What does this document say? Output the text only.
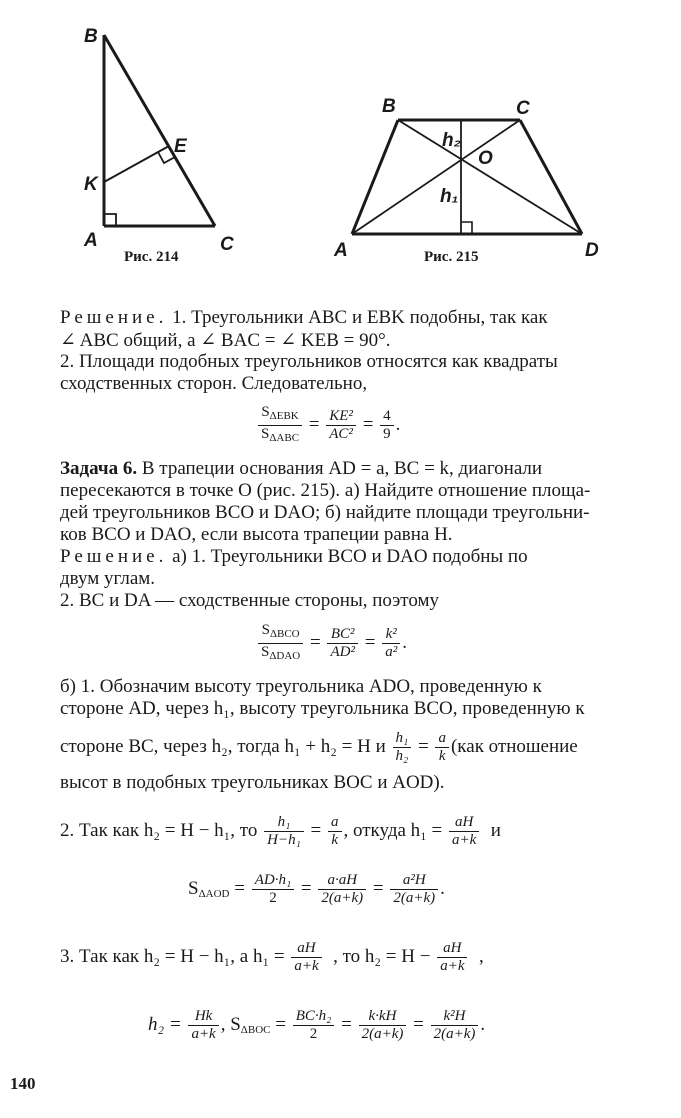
B
E
K
A	C
Рис. 214
B	C
O
h₂
h₁
A	D
Рис. 215
Решение. 1. Треугольники ABC и EBK подобны, так как
∠ ABC общий, а ∠ BAC = ∠ KEB = 90°.
2. Площади подобных треугольников относятся как квадраты
сходственных сторон. Следовательно,
$\frac{S_{\Delta EBK}}{S_{\Delta ABC}} = \frac{\text{KE²}}{\text{AC²}} = \frac{4}{9}$ .
Задача 6. В трапеции основания AD = a, BC = k, диагонали
пересекаются в точке O (рис. 215). а) Найдите отношение площа-
дей треугольников BCO и DAO; б) найдите площади треугольни-
ков BCO и DAO, если высота трапеции равна H.
Решение. а) 1. Треугольники BCO и DAO подобны по
двум углам.
2. BC и DA — сходственные стороны, поэтому
$\frac{S_{\Delta BCO}}{S_{\Delta DAO}} = \frac{\text{BC²}}{\text{AD²}} = \frac{\text{k²}}{\text{a²}}$ .
б) 1. Обозначим высоту треугольника ADO, проведенную к
стороне AD, через h₁, высоту треугольника BCO, проведенную к
стороне BC, через h₂, тогда h₁ + h₂ = H и $\frac{\text{h₁}}{\text{h₂}} = \frac{a}{k} (как$ отношение
высот в подобных треугольниках BOC и AOD).
2. Так как h₂ = H − h₁, то $\frac{\text{h₁}}{\text{H−h₁}} = \frac{a}{k}$ , откуда $h_1 = \frac{aH}{a+k}$ и
$S_{\Delta AOD} = \frac{\text{AD·h₁}}{2} = \frac{a\cdot aH}{2(a+k)} = \frac{\text{a²H}}{2(a+k)}$ .
3. Так как h₂ = H − h₁, а $h_1 = \frac{aH}{a+k}$ , то $h_2 = H - \frac{aH}{a+k}$ ,
$h_2 = \frac{Hk}{a+k}$ , $S_{\Delta BOC} = \frac{\text{BC·h₂}}{2} = \frac{k\cdot kH}{2(a+k)} = \frac{\text{k²H}}{2(a+k)}$ .
140
